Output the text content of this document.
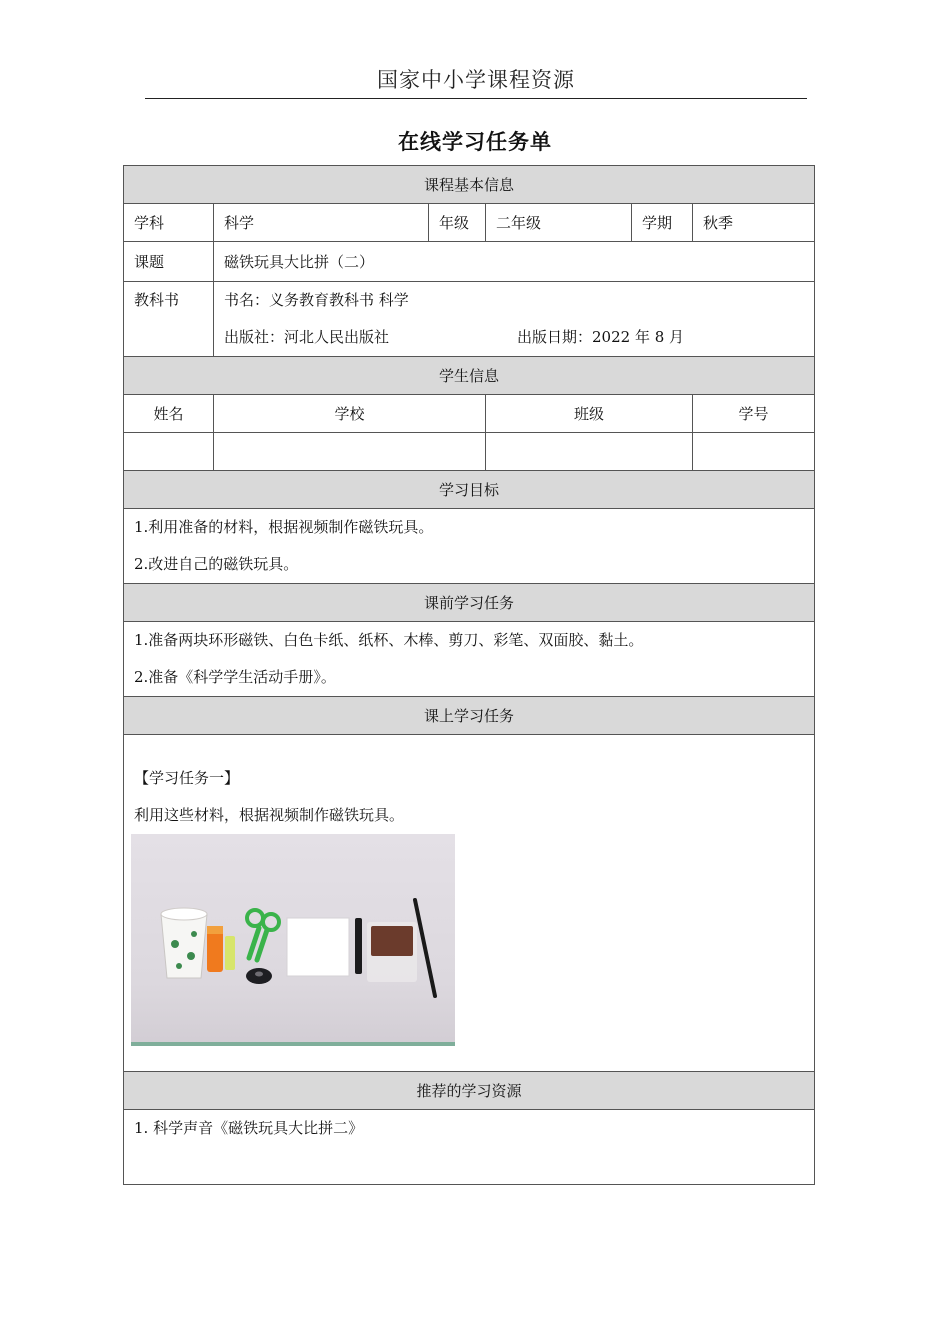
国家中小学课程资源
在线学习任务单
课程基本信息					
学科	科学	年级	二年级	学期	秋季
课题	磁铁玩具大比拼（二）				

教科书	书名：义务教育教科书 科学
出版社：河北人民出版社 出版日期：2022 年 8 月				

学生信息					
姓名	学校		班级		学号

学习目标					

1.利用准备的材料，根据视频制作磁铁玩具。
2.改进自己的磁铁玩具。					

课前学习任务					

1.准备两块环形磁铁、白色卡纸、纸杯、木棒、剪刀、彩笔、双面胶、黏土。
2.准备《科学学生活动手册》。					

课上学习任务					

【学习任务一】
利用这些材料，根据视频制作磁铁玩具。					

推荐的学习资源					

1. 科学声音《磁铁玩具大比拼二》					
